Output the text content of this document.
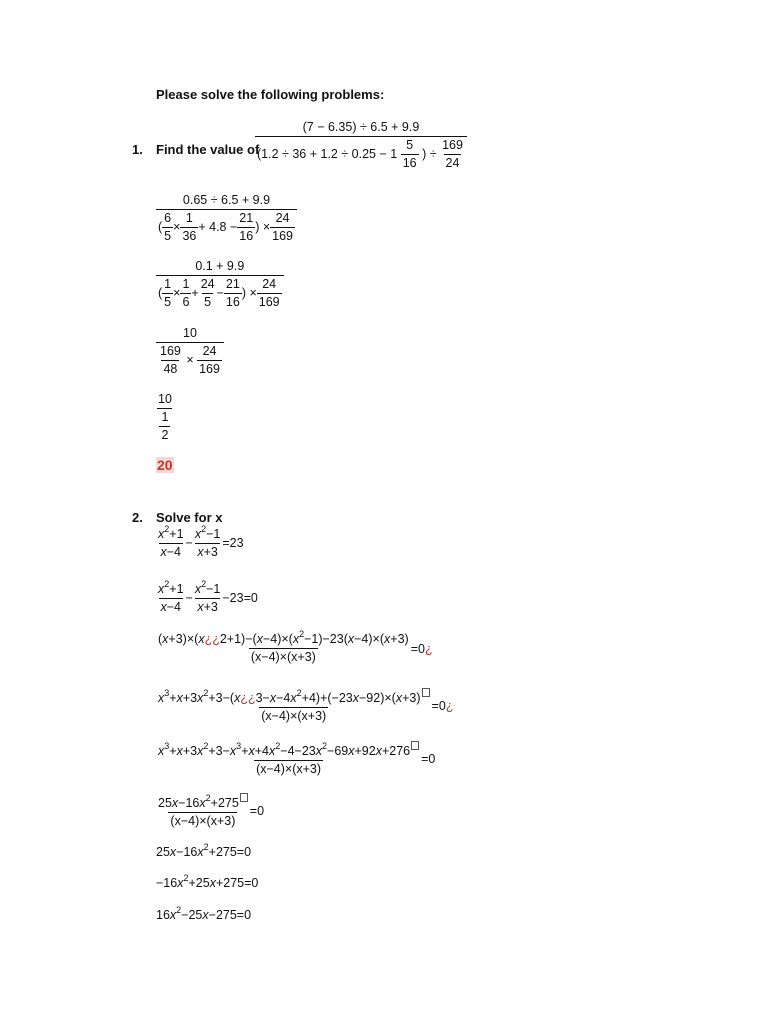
Please solve the following problems:
1. Find the value of
$\frac{(7 - 6.35) \div 6.5 + 9.9}{(1.2 \div 36 + 1.2 \div 0.25 - 1 \frac{5}{16} ) \div \frac{169}{24}}$
$\frac{0.65 \div 6.5 + 9.9}{( \frac{6}{5} \times \frac{1}{36} + 4.8 - \frac{21}{16} ) \times \frac{24}{169}}$
$\frac{0.1 + 9.9}{( \frac{1}{5} \times \frac{1}{6} + \frac{24}{5} - \frac{21}{16} ) \times \frac{24}{169}}$
$\frac{10}{\frac{169}{48} \times \frac{24}{169}}$
$\frac{10}{\frac{1}{2}}$
20
2. Solve for x
$\frac{x^2+1}{x-4} - \frac{x^2-1}{x+3} =23$
$\frac{x^2+1}{x-4} - \frac{x^2-1}{x+3} -23=0$
$\frac{(x+3)\times(x¿¿2+1)-(x-4)\times(x^2-1)-23(x-4)\times(x+3)}{(x-4)\times(x+3)}$ =0¿
$\frac{x^3+x+3x^2+3-(x¿¿3-x-4x^2+4)+(-23x-92)\times(x+3)}{(x-4)\times(x+3)}$ =0¿
$\frac{x^3+x+3x^2+3-x^3+x+4x^2-4-23x^2-69x+92x+276}{(x-4)\times(x+3)} =0$
$\frac{25x-16x^2+275}{(x-4)\times(x+3)} =0$
$25x-16x^2+275=0$
$-16x^2+25x+275=0$
$16x^2-25x-275=0$
